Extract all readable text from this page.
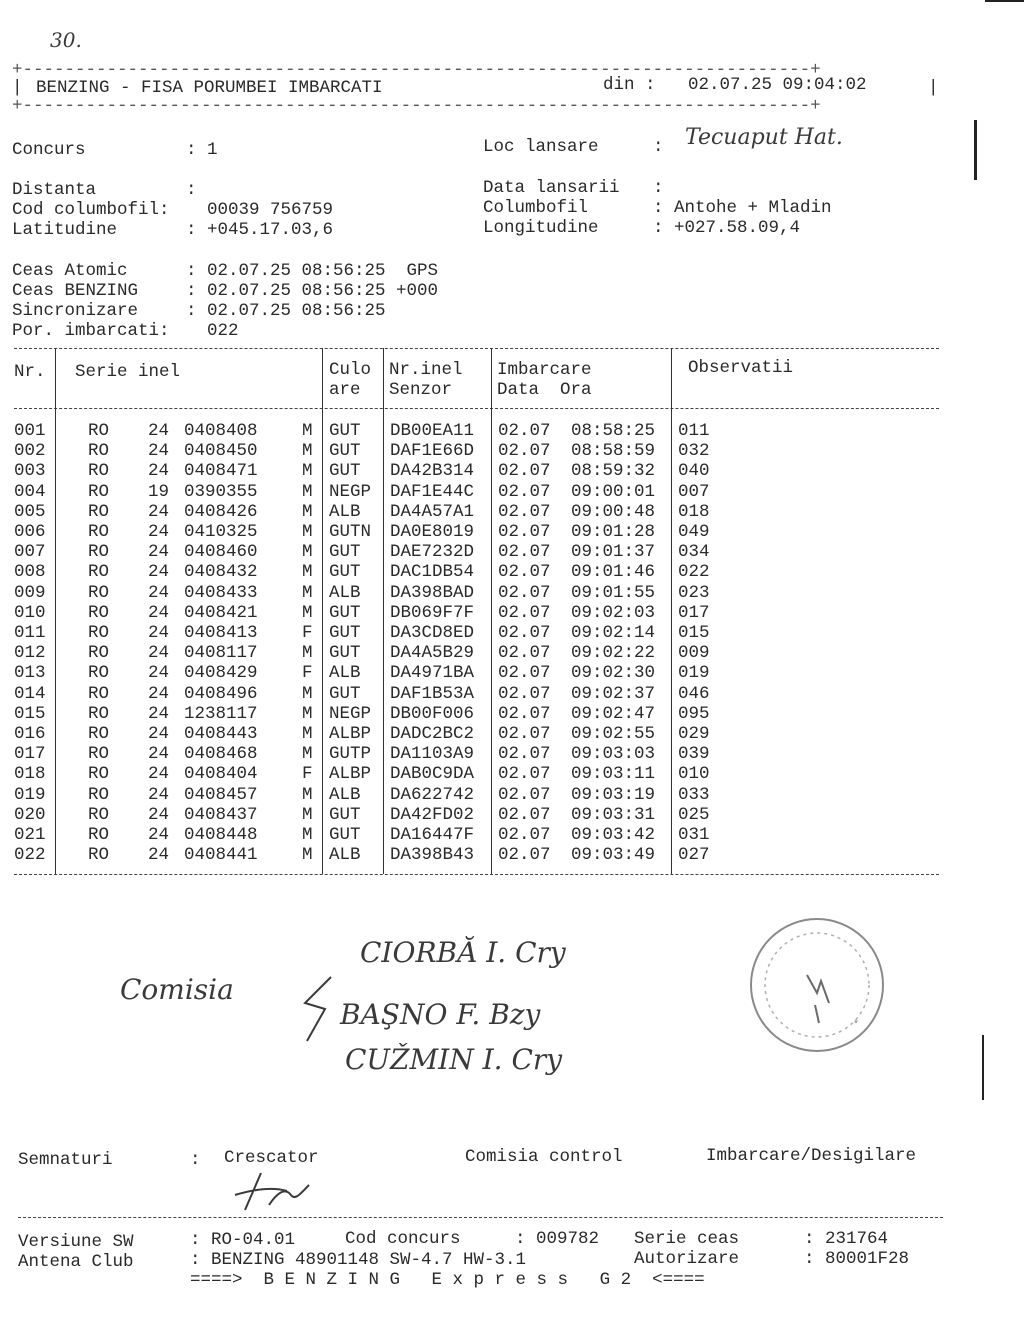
30.
+---------------------------------------------------------------------------+
| BENZING - FISA PORUMBEI IMBARCATI	din : 02.07.25 09:04:02	|
+---------------------------------------------------------------------------+
Concurs	: 1	Loc lansare	: Tecuaput Hat.
Distanta	:
Cod columbofil: 00039 756759
Latitudine	: +045.17.03,6
Data lansarii :
Columbofil	: Antohe + Mladin
Longitudine	: +027.58.09,4
Ceas Atomic	: 02.07.25 08:56:25  GPS
Ceas BENZING	: 02.07.25 08:56:25 +000
Sincronizare	: 02.07.25 08:56:25
Por. imbarcati: 022
Nr. Serie inel	Culo
are
Nr.inel
Senzor
Imbarcare
Data  Ora
Observatii
001 RO 24 0408408	M GUT DB00EA11 02.07 08:58:25 011
002 RO 24 0408450	M GUT DAF1E66D 02.07 08:58:59 032
003 RO 24 0408471	M GUT DA42B314 02.07 08:59:32 040
004 RO 19 0390355	M NEGP DAF1E44C 02.07 09:00:01 007
005 RO 24 0408426	M ALB DA4A57A1 02.07 09:00:48 018
006 RO 24 0410325	M GUTN DA0E8019 02.07 09:01:28 049
007 RO 24 0408460	M GUT DAE7232D 02.07 09:01:37 034
008 RO 24 0408432	M GUT DAC1DB54 02.07 09:01:46 022
009 RO 24 0408433	M ALB DA398BAD 02.07 09:01:55 023
010 RO 24 0408421	M GUT DB069F7F 02.07 09:02:03 017
011 RO 24 0408413	F GUT DA3CD8ED 02.07 09:02:14 015
012 RO 24 0408117	M GUT DA4A5B29 02.07 09:02:22 009
013 RO 24 0408429	F ALB DA4971BA 02.07 09:02:30 019
014 RO 24 0408496	M GUT DAF1B53A 02.07 09:02:37 046
015 RO 24 1238117	M NEGP DB00F006 02.07 09:02:47 095
016 RO 24 0408443	M ALBP DADC2BC2 02.07 09:02:55 029
017 RO 24 0408468	M GUTP DA1103A9 02.07 09:03:03 039
018 RO 24 0408404	F ALBP DAB0C9DA 02.07 09:03:11 010
019 RO 24 0408457	M ALB DA622742 02.07 09:03:19 033
020 RO 24 0408437	M GUT DA42FD02 02.07 09:03:31 025
021 RO 24 0408448	M GUT DA16447F 02.07 09:03:42 031
022 RO 24 0408441	M ALB DA398B43 02.07 09:03:49 027
Comisia
CIORBĂ I. Cry
BAŞNO F. Bzy
CUŽMIN I. Cry
*
Semnaturi	: Crescator	Comisia control	Imbarcare/Desigilare
Versiune SW	: RO-04.01	Cod concurs	: 009782 Serie ceas	: 231764
Antena Club	: BENZING 48901148 SW-4.7 HW-3.1	Autorizare	: 80001F28
====>  B E N Z I N G   E x p r e s s   G 2  <====
